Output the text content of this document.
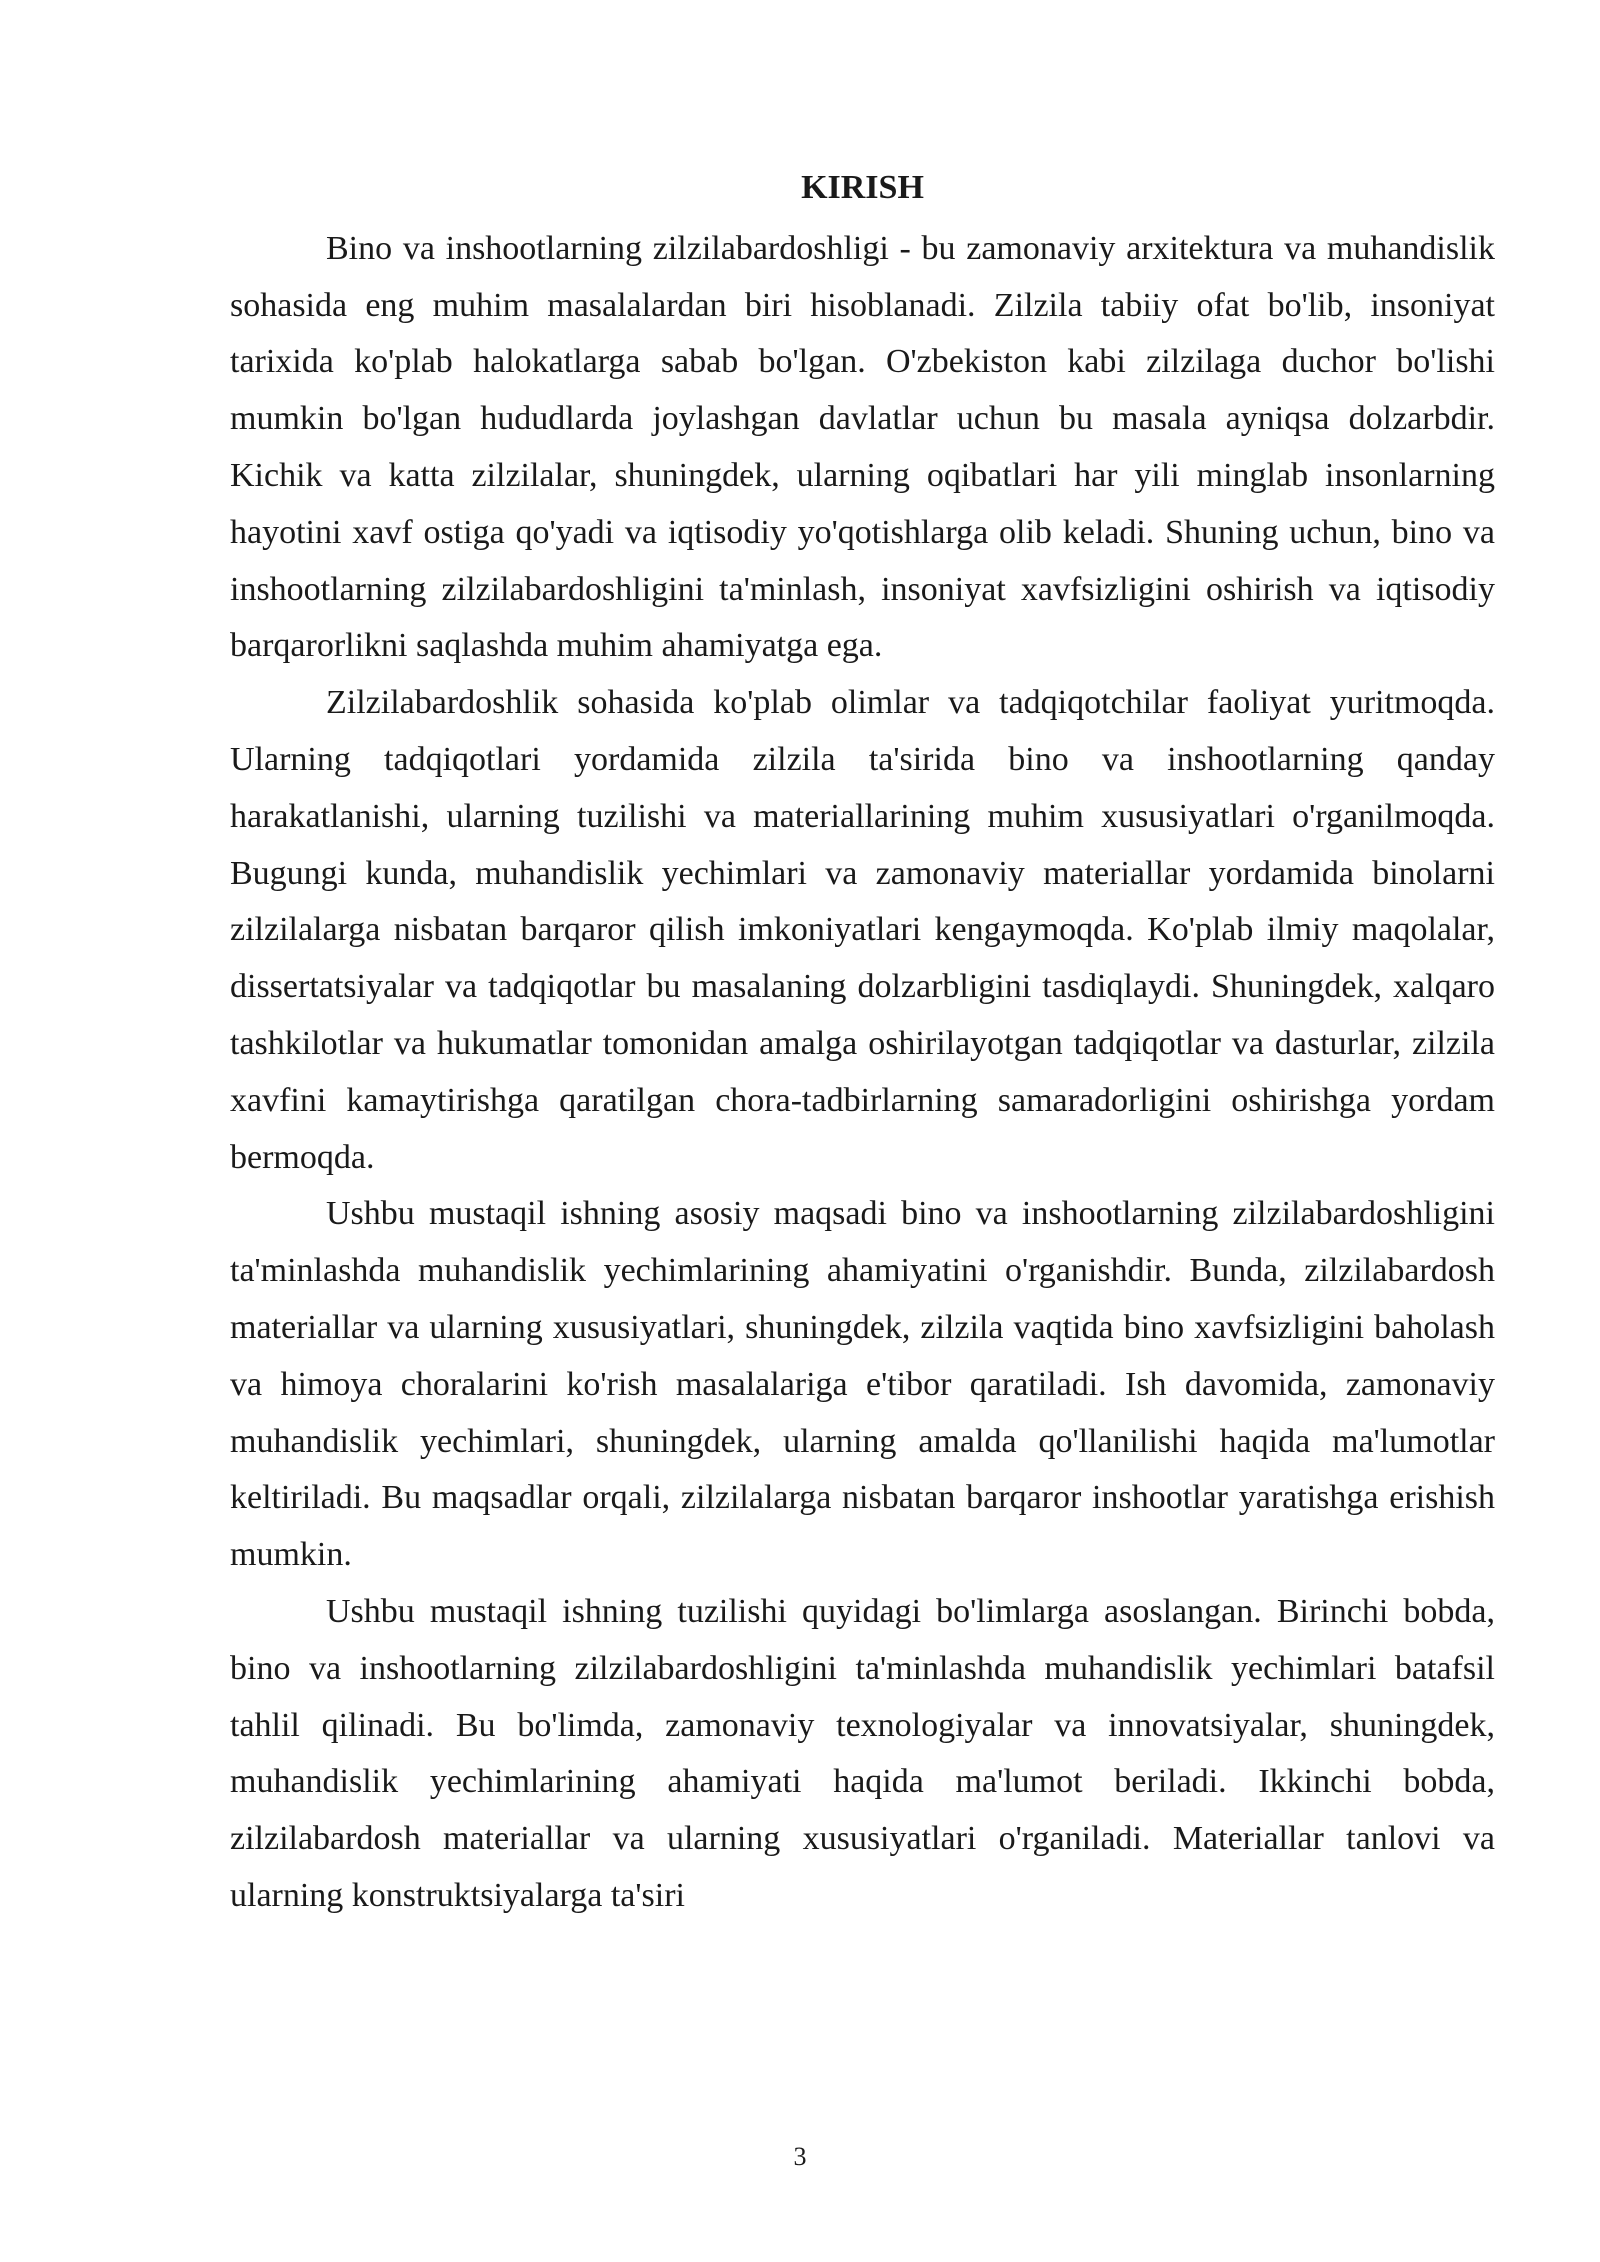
KIRISH

Bino va inshootlarning zilzilabardoshligi - bu zamonaviy arxitektura va muhandislik sohasida eng muhim masalalardan biri hisoblanadi. Zilzila tabiiy ofat bo'lib, insoniyat tarixida ko'plab halokatlarga sabab bo'lgan. O'zbekiston kabi zilzilaga duchor bo'lishi mumkin bo'lgan hududlarda joylashgan davlatlar uchun bu masala ayniqsa dolzarbdir. Kichik va katta zilzilalar, shuningdek, ularning oqibatlari har yili minglab insonlarning hayotini xavf ostiga qo'yadi va iqtisodiy yo'qotishlarga olib keladi. Shuning uchun, bino va inshootlarning zilzilabardoshligini ta'minlash, insoniyat xavfsizligini oshirish va iqtisodiy barqarorlikni saqlashda muhim ahamiyatga ega.

Zilzilabardoshlik sohasida ko'plab olimlar va tadqiqotchilar faoliyat yuritmoqda. Ularning tadqiqotlari yordamida zilzila ta'sirida bino va inshootlarning qanday harakatlanishi, ularning tuzilishi va materiallarining muhim xususiyatlari o'rganilmoqda. Bugungi kunda, muhandislik yechimlari va zamonaviy materiallar yordamida binolarni zilzilalarga nisbatan barqaror qilish imkoniyatlari kengaymoqda. Ko'plab ilmiy maqolalar, dissertatsiyalar va tadqiqotlar bu masalaning dolzarbligini tasdiqlaydi. Shuningdek, xalqaro tashkilotlar va hukumatlar tomonidan amalga oshirilayotgan tadqiqotlar va dasturlar, zilzila xavfini kamaytirishga qaratilgan chora-tadbirlarning samaradorligini oshirishga yordam bermoqda.

Ushbu mustaqil ishning asosiy maqsadi bino va inshootlarning zilzilabardoshligini ta'minlashda muhandislik yechimlarining ahamiyatini o'rganishdir. Bunda, zilzilabardosh materiallar va ularning xususiyatlari, shuningdek, zilzila vaqtida bino xavfsizligini baholash va himoya choralarini ko'rish masalalariga e'tibor qaratiladi. Ish davomida, zamonaviy muhandislik yechimlari, shuningdek, ularning amalda qo'llanilishi haqida ma'lumotlar keltiriladi. Bu maqsadlar orqali, zilzilalarga nisbatan barqaror inshootlar yaratishga erishish mumkin.

Ushbu mustaqil ishning tuzilishi quyidagi bo'limlarga asoslangan. Birinchi bobda, bino va inshootlarning zilzilabardoshligini ta'minlashda muhandislik yechimlari batafsil tahlil qilinadi. Bu bo'limda, zamonaviy texnologiyalar va innovatsiyalar, shuningdek, muhandislik yechimlarining ahamiyati haqida ma'lumot beriladi. Ikkinchi bobda, zilzilabardosh materiallar va ularning xususiyatlari o'rganiladi. Materiallar tanlovi va ularning konstruktsiyalarga ta'siri

3
